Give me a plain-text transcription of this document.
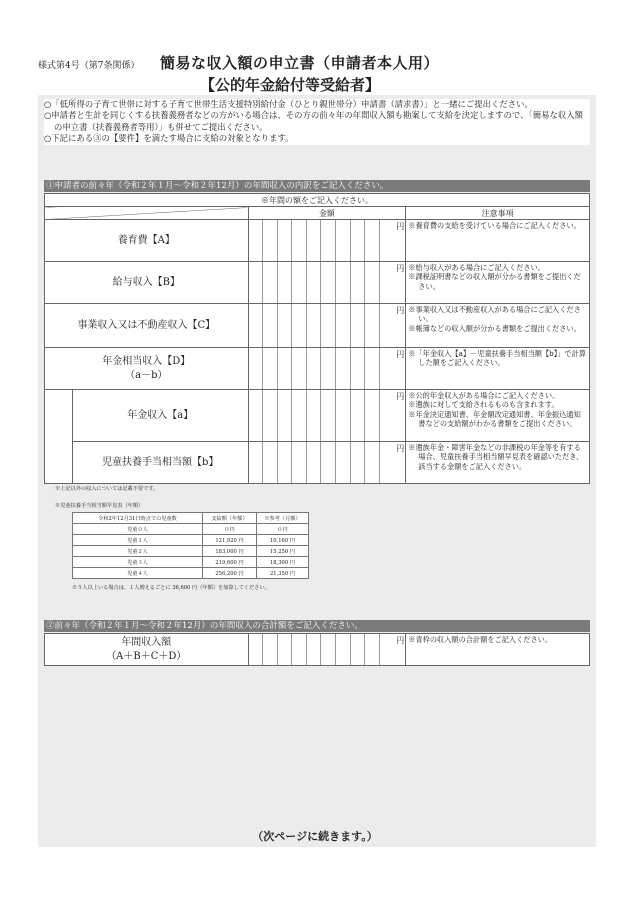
様式第4号（第7条関係） 簡易な収入額の申立書（申請者本人用）
【公的年金給付等受給者】

○「低所得の子育て世帯に対する子育て世帯生活支援特別給付金（ひとり親世帯分）申請書（請求書）」と一緒にご提出ください。

○申請者と生計を同じくする扶養義務者などの方がいる場合は、その方の前々年の年間収入額も勘案して支給を決定しますので、「簡易な収入額の申立書（扶養義務者等用）」も併せてご提出ください。

○下記にある③の【要件】を満たす場合に支給の対象となります。

①申請者の前々年（令和２年１月～令和２年12月）の年間収入の内訳をご記入ください。
※年間の額をご記入ください。			
		金額	注意事項
養育費【A】		円	※養育費の支給を受けている場合にご記入ください。

給与収入【B】		円	※給与収入がある場合にご記入ください。

※課税証明書などの収入額が分かる書類をご提出ください。

事業収入又は不動産収入【C】		円	※事業収入又は不動産収入がある場合にご記入ください。

※帳簿などの収入額が分かる書類をご提出ください。

年金相当収入【D】
（a－b）		円	※「年金収入【a】－児童扶養手当相当額【b】」で計算した額をご記入ください。

	年金収入【a】	円	※公的年金収入がある場合にご記入ください。

※遺族に対して支給されるものも含まれます。

※年金決定通知書、年金額改定通知書、年金振込通知書などの支給額がわかる書類をご提出ください。

	児童扶養手当相当額【b】	円	※遺族年金・障害年金などの非課税の年金等を有する場合、児童扶養手当相当額早見表を確認いただき、該当する金額をご記入ください。

※上記以外の収入については記載不要です。
※児童扶養手当相当額早見表（年額）
令和2年12月31日時点での児童数	支給額（年額）	※参考（月額）
児童０人	０円	０円
児童１人	121,920 円	10,160 円
児童２人	183,000 円	15,250 円
児童３人	219,600 円	18,300 円
児童４人	256,200 円	21,350 円
※５人以上いる場合は、１人増えるごとに 36,600 円（年額）を加算してください。
②前々年（令和２年１月～令和２年12月）の年間収入の合計額をご記入ください。
年間収入額
（A＋B＋C＋D）

円	※青枠の収入額の合計額をご記入ください。

（次ページに続きます。）
